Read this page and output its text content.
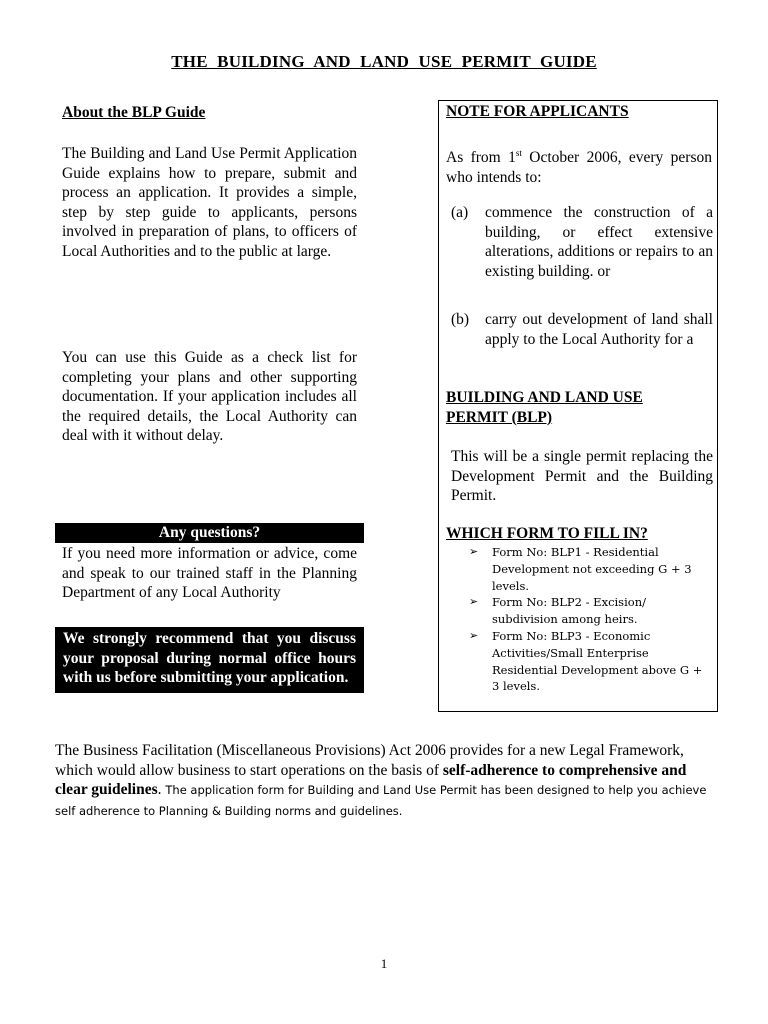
THE BUILDING AND LAND USE PERMIT GUIDE
About the BLP Guide
The Building and Land Use Permit Application Guide explains how to prepare, submit and process an application. It provides a simple, step by step guide to applicants, persons involved in preparation of plans, to officers of Local Authorities and to the public at large.
You can use this Guide as a check list for completing your plans and other supporting documentation. If your application includes all the required details, the Local Authority can deal with it without delay.
Any questions?
If you need more information or advice, come and speak to our trained staff in the Planning Department of any Local Authority
We strongly recommend that you discuss your proposal during normal office hours with us before submitting your application.
NOTE FOR APPLICANTS
As from 1st October 2006, every person who intends to:
(a) commence the construction of a building, or effect extensive alterations, additions or repairs to an existing building. or
(b) carry out development of land shall apply to the Local Authority for a
BUILDING AND LAND USE PERMIT (BLP)
This will be a single permit replacing the Development Permit and the Building Permit.
WHICH FORM TO FILL IN?
➢ Form No: BLP1 - Residential Development not exceeding G + 3 levels.
➢ Form No: BLP2 - Excision/ subdivision among heirs.
➢ Form No: BLP3 - Economic Activities/Small Enterprise Residential Development above G + 3 levels.
The Business Facilitation (Miscellaneous Provisions) Act 2006 provides for a new Legal Framework, which would allow business to start operations on the basis of self-adherence to comprehensive and clear guidelines. The application form for Building and Land Use Permit has been designed to help you achieve self adherence to Planning & Building norms and guidelines.
1
